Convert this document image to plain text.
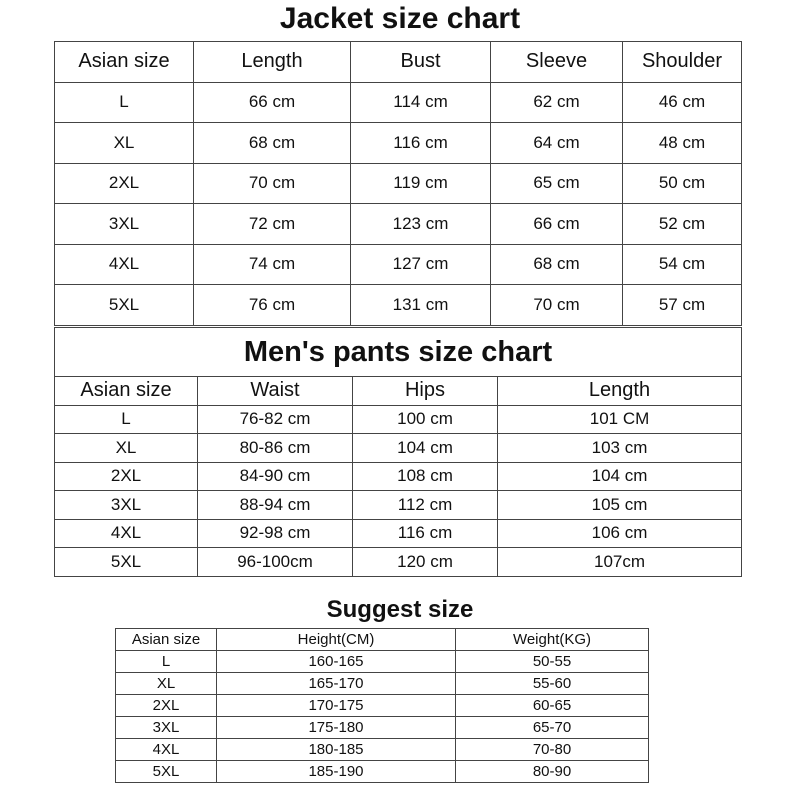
Jacket size chart
Asian size	Length	Bust	Sleeve	Shoulder
L	66 cm	114 cm	62 cm	46 cm
XL	68 cm	116 cm	64 cm	48 cm
2XL	70 cm	119 cm	65 cm	50 cm
3XL	72 cm	123 cm	66 cm	52 cm
4XL	74 cm	127 cm	68 cm	54 cm
5XL	76 cm	131 cm	70 cm	57 cm
Men's pants size chart			
Asian size	Waist	Hips	Length
L	76-82 cm	100 cm	101 CM
XL	80-86 cm	104 cm	103 cm
2XL	84-90 cm	108 cm	104 cm
3XL	88-94 cm	112 cm	105 cm
4XL	92-98 cm	116 cm	106 cm
5XL	96-100cm	120 cm	107cm
Suggest size
Asian size	Height(CM)	Weight(KG)
L	160-165	50-55
XL	165-170	55-60
2XL	170-175	60-65
3XL	175-180	65-70
4XL	180-185	70-80
5XL	185-190	80-90
